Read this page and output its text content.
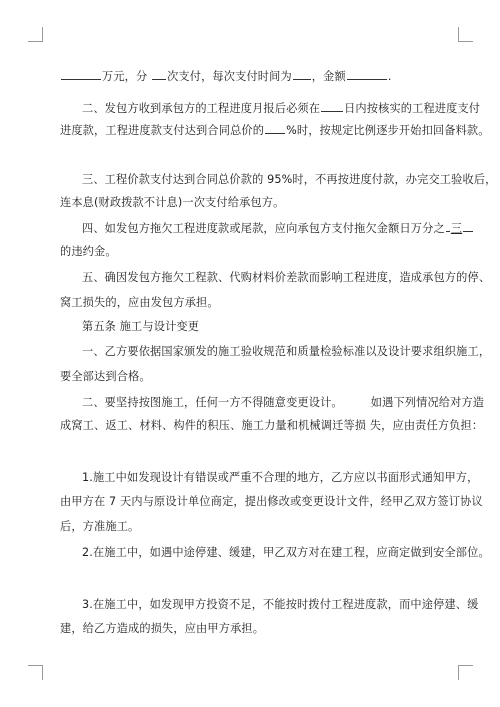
万元，分 次支付，每次支付时间为 ，金额	.
二、发包方收到承包方的工程进度月报后必须在 日内按核实的工程进度支付
进度款，工程进度款支付达到合同总价的 %时，按规定比例逐步开始扣回备料款。
三、工程价款支付达到合同总价款的 95%时，不再按进度付款，办完交工验收后，
连本息(财政拨款不计息)一次支付给承包方。
四、如发包方拖欠工程进度款或尾款，应向承包方支付拖欠金额日万分之 三
的违约金。
五、确因发包方拖欠工程款、代购材料价差款而影响工程进度，造成承包方的停、
窝工损失的，应由发包方承担。
第五条 施工与设计变更
一、乙方要依据国家颁发的施工验收规范和质量检验标准以及设计要求组织施工，
要全部达到合格。
二、要坚持按图施工，任何一方不得随意变更设计。	如遇下列情况给对方造
成窝工、返工、材料、构件的积压、施工力量和机械调迁等损 失，应由责任方负担：
1.施工中如发现设计有错误或严重不合理的地方，乙方应以书面形式通知甲方，
由甲方在 7 天内与原设计单位商定，提出修改或变更设计文件，经甲乙双方签订协议
后，方准施工。
2.在施工中，如遇中途停建、缓建，甲乙双方对在建工程，应商定做到安全部位。
3.在施工中，如发现甲方投资不足，不能按时拨付工程进度款，而中途停建、缓
建，给乙方造成的损失，应由甲方承担。
